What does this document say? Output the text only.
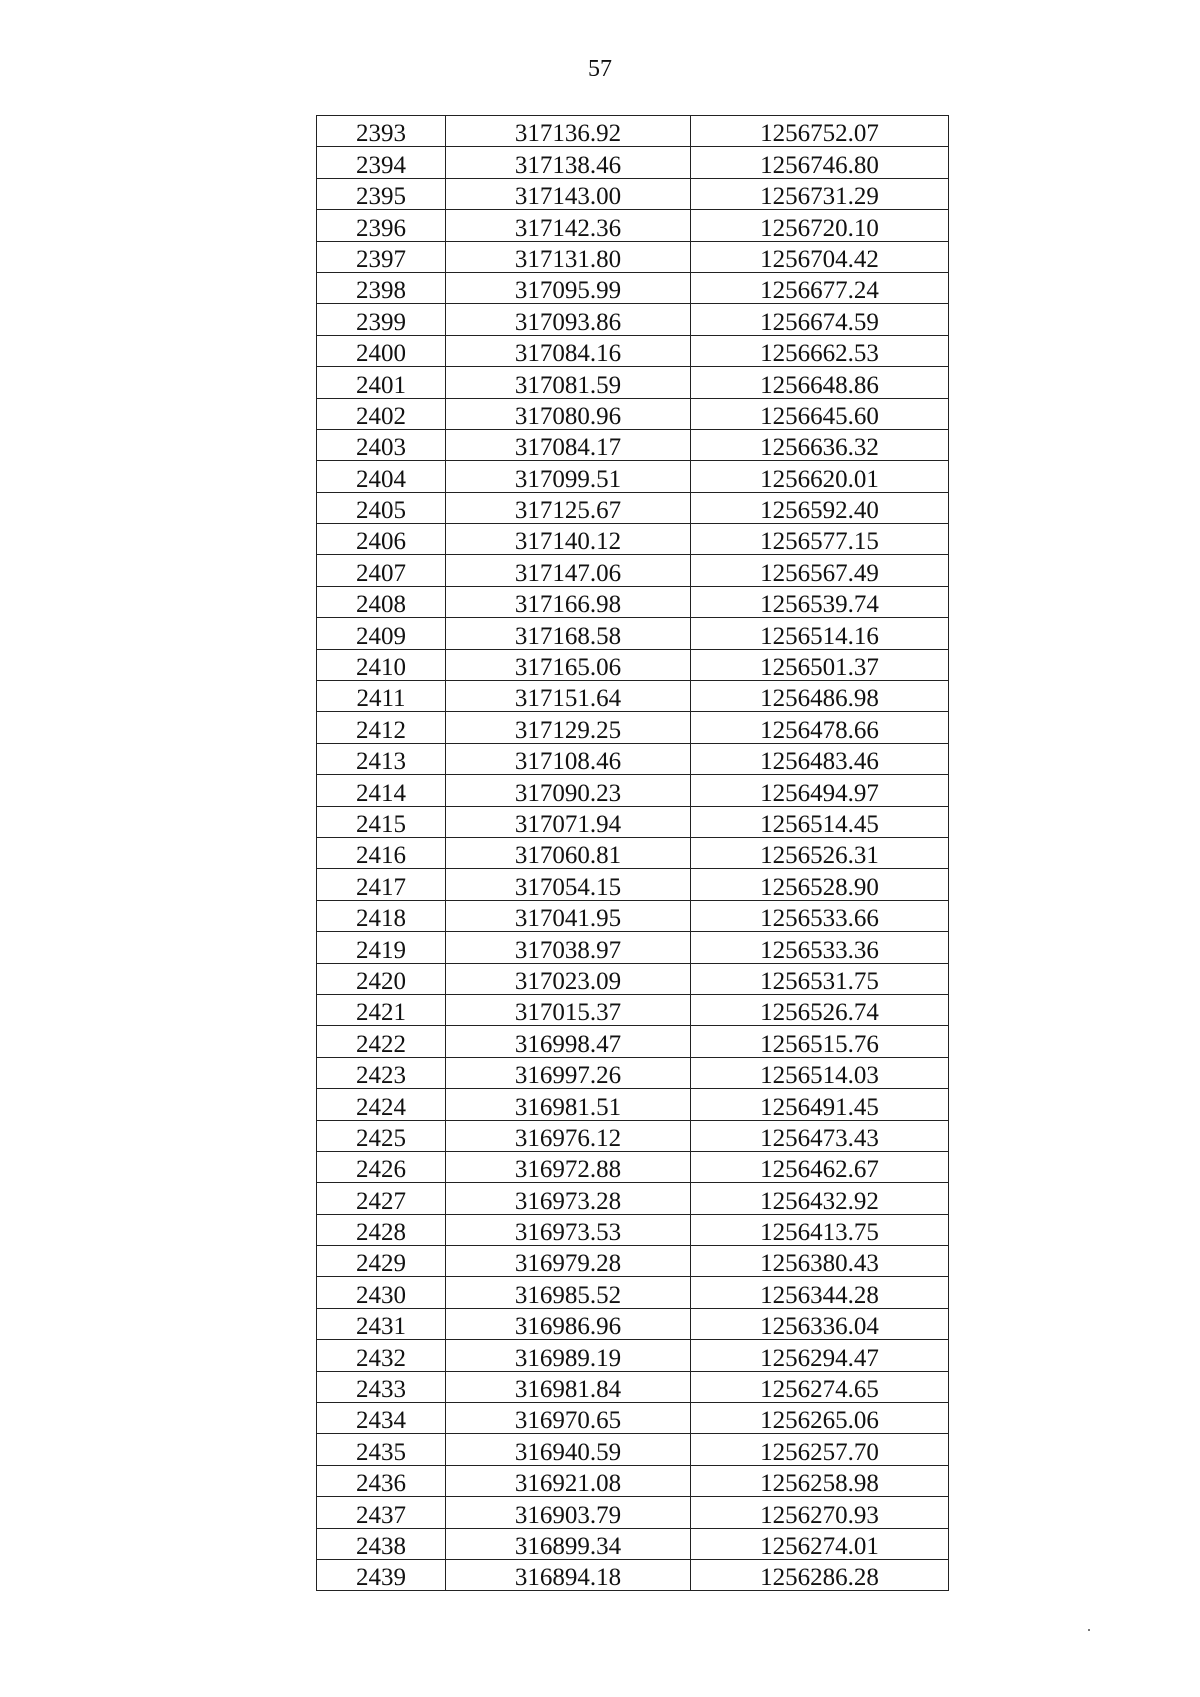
57
2393	317136.92	1256752.07
2394	317138.46	1256746.80
2395	317143.00	1256731.29
2396	317142.36	1256720.10
2397	317131.80	1256704.42
2398	317095.99	1256677.24
2399	317093.86	1256674.59
2400	317084.16	1256662.53
2401	317081.59	1256648.86
2402	317080.96	1256645.60
2403	317084.17	1256636.32
2404	317099.51	1256620.01
2405	317125.67	1256592.40
2406	317140.12	1256577.15
2407	317147.06	1256567.49
2408	317166.98	1256539.74
2409	317168.58	1256514.16
2410	317165.06	1256501.37
2411	317151.64	1256486.98
2412	317129.25	1256478.66
2413	317108.46	1256483.46
2414	317090.23	1256494.97
2415	317071.94	1256514.45
2416	317060.81	1256526.31
2417	317054.15	1256528.90
2418	317041.95	1256533.66
2419	317038.97	1256533.36
2420	317023.09	1256531.75
2421	317015.37	1256526.74
2422	316998.47	1256515.76
2423	316997.26	1256514.03
2424	316981.51	1256491.45
2425	316976.12	1256473.43
2426	316972.88	1256462.67
2427	316973.28	1256432.92
2428	316973.53	1256413.75
2429	316979.28	1256380.43
2430	316985.52	1256344.28
2431	316986.96	1256336.04
2432	316989.19	1256294.47
2433	316981.84	1256274.65
2434	316970.65	1256265.06
2435	316940.59	1256257.70
2436	316921.08	1256258.98
2437	316903.79	1256270.93
2438	316899.34	1256274.01
2439	316894.18	1256286.28
